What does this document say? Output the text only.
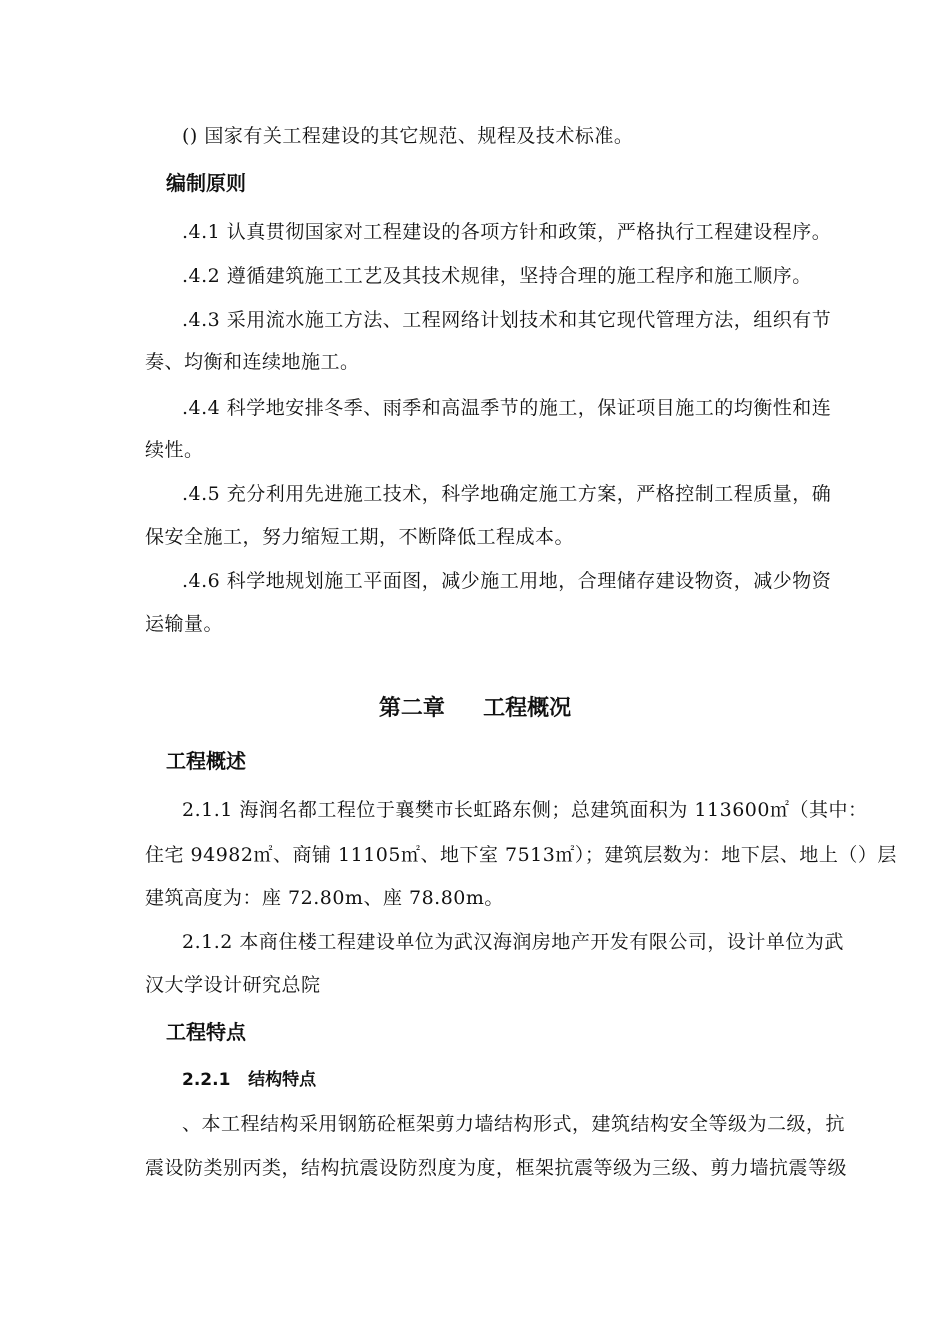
() 国家有关工程建设的其它规范、规程及技术标准。
编制原则
.4.1 认真贯彻国家对工程建设的各项方针和政策，严格执行工程建设程序。
.4.2 遵循建筑施工工艺及其技术规律，坚持合理的施工程序和施工顺序。
.4.3 采用流水施工方法、工程网络计划技术和其它现代管理方法，组织有节
奏、均衡和连续地施工。
.4.4 科学地安排冬季、雨季和高温季节的施工，保证项目施工的均衡性和连
续性。
.4.5 充分利用先进施工技术，科学地确定施工方案，严格控制工程质量，确
保安全施工，努力缩短工期，不断降低工程成本。
.4.6 科学地规划施工平面图，减少施工用地，合理储存建设物资，减少物资
运输量。
第二章     工程概况
工程概述
2.1.1 海润名都工程位于襄樊市长虹路东侧；总建筑面积为 113600㎡（其中：
住宅 94982㎡、商铺 11105㎡、地下室 7513㎡）；建筑层数为：地下层、地上（）层
建筑高度为：座 72.80m、座 78.80m。
2.1.2 本商住楼工程建设单位为武汉海润房地产开发有限公司，设计单位为武
汉大学设计研究总院
工程特点
2.2.1   结构特点
、本工程结构采用钢筋砼框架剪力墙结构形式，建筑结构安全等级为二级，抗
震设防类别丙类，结构抗震设防烈度为度，框架抗震等级为三级、剪力墙抗震等级
